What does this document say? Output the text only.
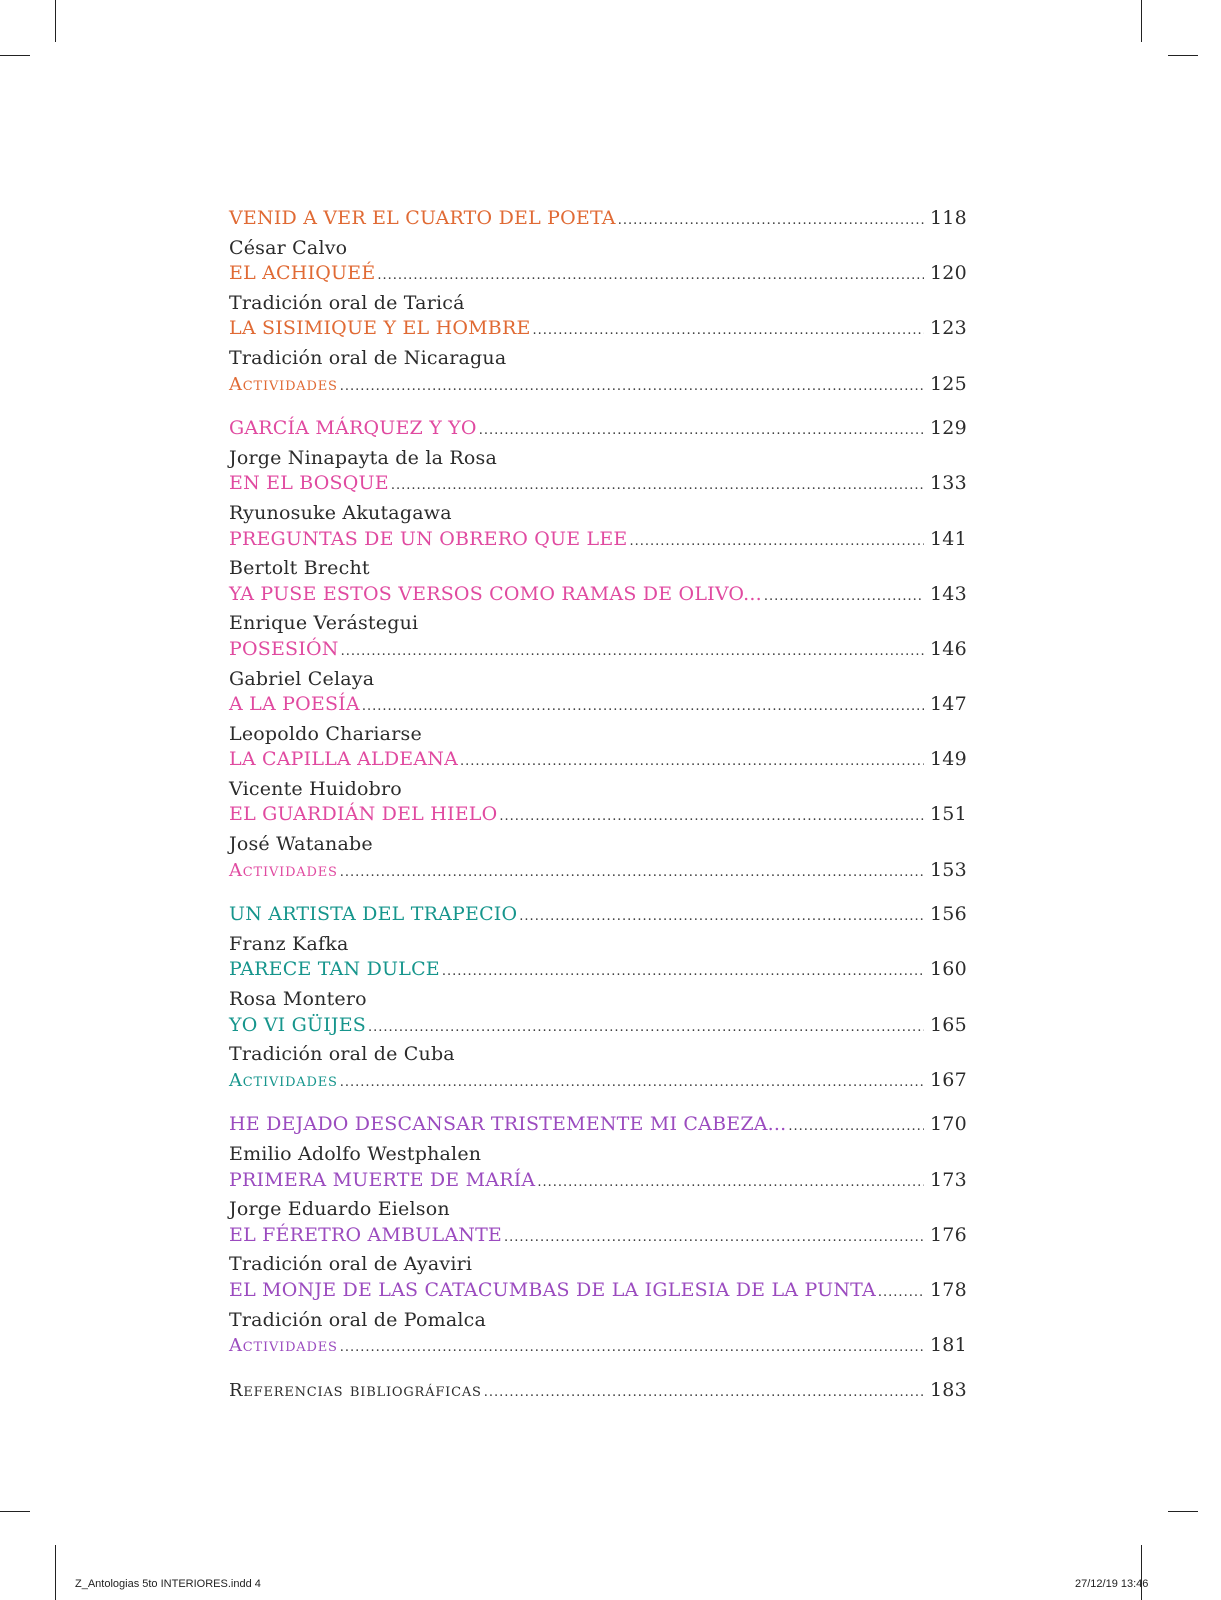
VENID A VER EL CUARTO DEL POETA .....	118
César Calvo
EL ACHIQUEÉ .....	120
Tradición oral de Taricá
LA SISIMIQUE Y EL HOMBRE .....	123
Tradición oral de Nicaragua
Actividades .....	125
GARCÍA MÁRQUEZ Y YO .....	129
Jorge Ninapayta de la Rosa
EN EL BOSQUE .....	133
Ryunosuke Akutagawa
PREGUNTAS DE UN OBRERO QUE LEE .....	141
Bertolt Brecht
YA PUSE ESTOS VERSOS COMO RAMAS DE OLIVO... .....	143
Enrique Verástegui
POSESIÓN .....	146
Gabriel Celaya
A LA POESÍA .....	147
Leopoldo Chariarse
LA CAPILLA ALDEANA .....	149
Vicente Huidobro
EL GUARDIÁN DEL HIELO .....	151
José Watanabe
Actividades .....	153
UN ARTISTA DEL TRAPECIO .....	156
Franz Kafka
PARECE TAN DULCE .....	160
Rosa Montero
YO VI GÜIJES .....	165
Tradición oral de Cuba
Actividades .....	167
HE DEJADO DESCANSAR TRISTEMENTE MI CABEZA... .....	170
Emilio Adolfo Westphalen
PRIMERA MUERTE DE MARÍA .....	173
Jorge Eduardo Eielson
EL FÉRETRO AMBULANTE .....	176
Tradición oral de Ayaviri
EL MONJE DE LAS CATACUMBAS DE LA IGLESIA DE LA PUNTA .....	178
Tradición oral de Pomalca
Actividades .....	181
Referencias bibliográficas .....	183
Z_Antologias 5to INTERIORES.indd 4	27/12/19 13:46
